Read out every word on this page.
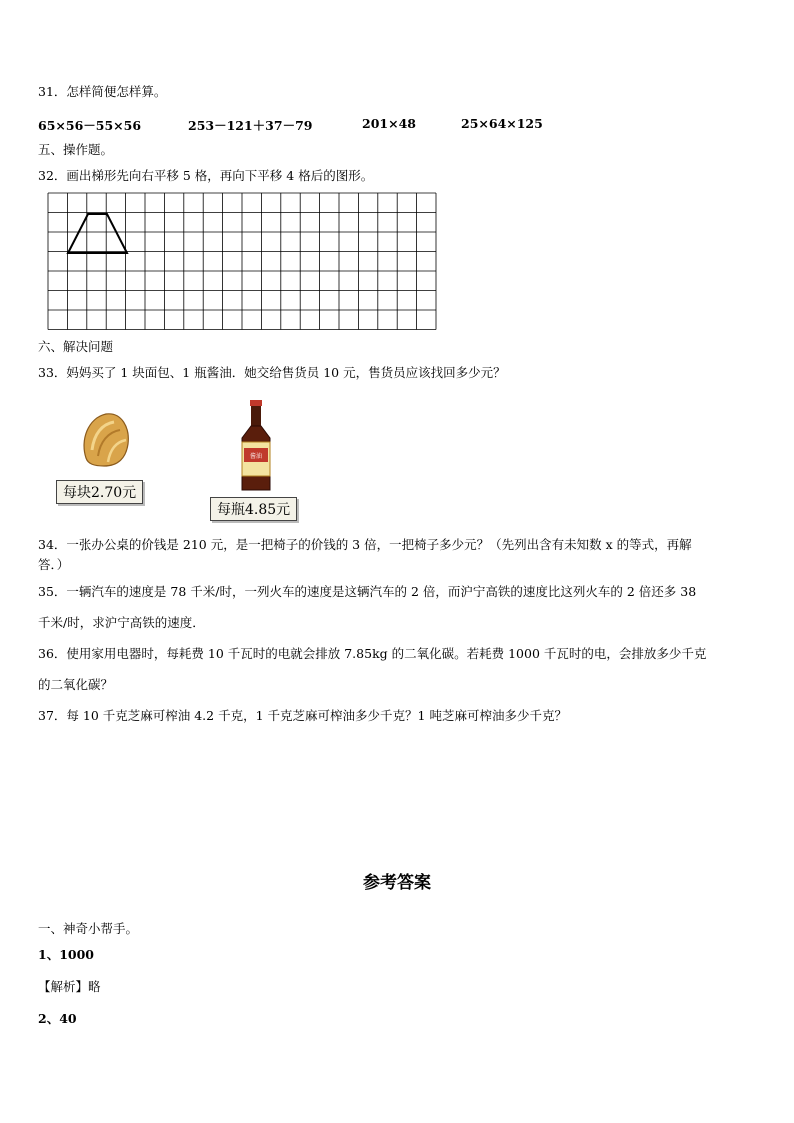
31．怎样简便怎样算。
65×56－55×56	253－121＋37－79	201×48	25×64×125
五、操作题。
32．画出梯形先向右平移 5 格，再向下平移 4 格后的图形。
六、解决问题
33．妈妈买了 1 块面包、1 瓶酱油．她交给售货员 10 元，售货员应该找回多少元？
每块2.70元
酱油
每瓶4.85元
34．一张办公桌的价钱是 210 元，是一把椅子的价钱的 3 倍，一把椅子多少元？（先列出含有未知数 x 的等式，再解
答．）
35．一辆汽车的速度是 78 千米/时，一列火车的速度是这辆汽车的 2 倍，而沪宁高铁的速度比这列火车的 2 倍还多 38
千米/时，求沪宁高铁的速度．
36．使用家用电器时，每耗费 10 千瓦时的电就会排放 7.85kg 的二氧化碳。若耗费 1000 千瓦时的电，会排放多少千克
的二氧化碳？
37．每 10 千克芝麻可榨油 4.2 千克，1 千克芝麻可榨油多少千克？1 吨芝麻可榨油多少千克？
参考答案
一、神奇小帮手。
1、1000
【解析】略
2、40
